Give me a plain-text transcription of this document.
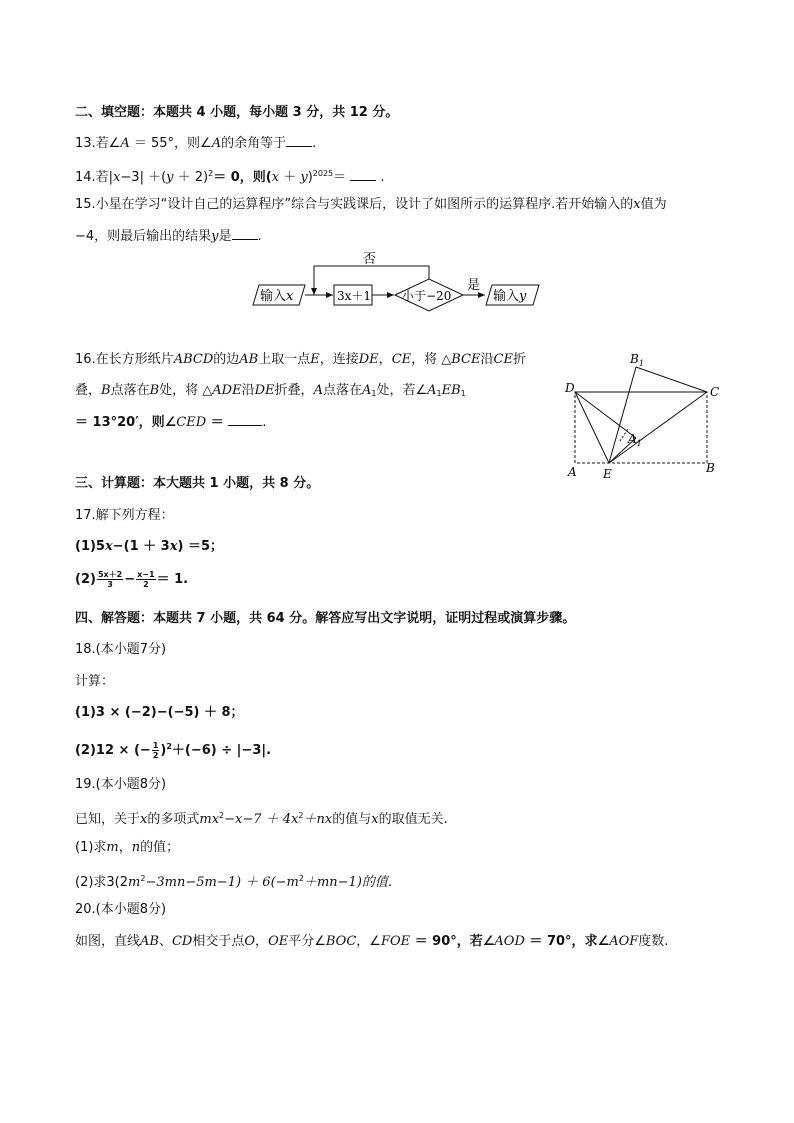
二、填空题：本题共 4 小题，每小题 3 分，共 12 分。
13.若∠A ＝ 55°，则∠A的余角等于 .
14.若$|x-3| +(y + 2)^2= 0$，则$(x + y)^{2025}=$  .
15.小星在学习“设计自己的运算程序”综合与实践课后，设计了如图所示的运算程序.若开始输入的x值为
−4，则最后输出的结果y是 .
输入x	3x＋1	小于−20
否
是
输入y
16.在长方形纸片ABCD的边AB上取一点E，连接DE，CE，将 △BCE沿CE折
叠，B点落在B处，将 △ADE沿DE折叠，A点落在$A_1$处，若$\angle A_1EB_1$
＝ 13°20′，则∠CED ＝	.
D	C
A	B
E
$B_1$
$A_1$
三、计算题：本大题共 1 小题，共 8 分。
17.解下列方程：
(1)5x−(1 ＋ 3x) ＝5；
$(2) \frac{5x+2}{3} - \frac{x-1}{2} = 1$.
四、解答题：本题共 7 小题，共 64 分。解答应写出文字说明，证明过程或演算步骤。
18.(本小题7分)
计算：
(1)3 × (−2)−(−5) ＋ 8；
(2)12 × (− $\frac{1}{2} )^2+(-6) \div |-3|$.
19.(本小题8分)
已知，关于x的多项式$mx^2-x-7 + 4x^2+nx$的值与x的取值无关.
(1)求m，n的值；
(2)求$3(2m^2-3mn-5m-1) + 6(-m^2+mn-1)$的值.
20.(本小题8分)
如图，直线AB、CD相交于点O，OE平分∠BOC，∠FOE ＝ 90°，若∠AOD ＝ 70°，求∠AOF度数.
